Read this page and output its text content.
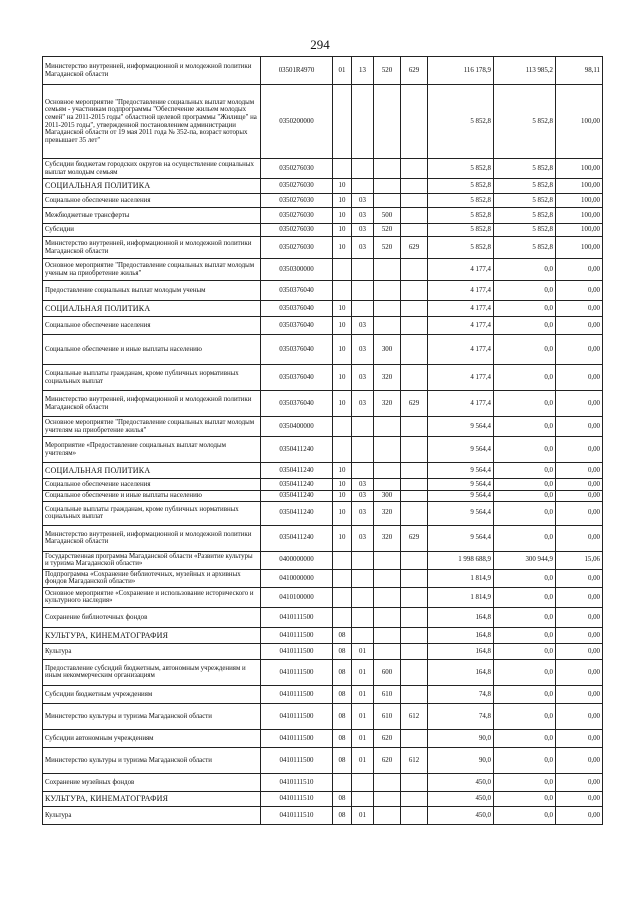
294
Министерство внутренней, информационной и молодежной политики Магаданской области	03501R4970	01	13	520	629	116 178,9	113 985,2	98,11
Основное мероприятие "Предоставление социальных выплат молодым семьям - участникам подпрограммы "Обеспечение жильем молодых семей" на 2011-2015 годы" областной целевой программы "Жилище" на 2011-2015 годы", утвержденной постановлением администрации Магаданской области от 19 мая 2011 года № 352-па, возраст которых превышает 35 лет"	0350200000					5 852,8	5 852,8	100,00
Субсидии бюджетам городских округов на осуществление социальных выплат молодым семьям	0350276030					5 852,8	5 852,8	100,00
СОЦИАЛЬНАЯ ПОЛИТИКА	0350276030	10				5 852,8	5 852,8	100,00
Социальное обеспечение населения	0350276030	10	03			5 852,8	5 852,8	100,00
Межбюджетные трансферты	0350276030	10	03	500		5 852,8	5 852,8	100,00
Субсидии	0350276030	10	03	520		5 852,8	5 852,8	100,00
Министерство внутренней, информационной и молодежной политики Магаданской области	0350276030	10	03	520	629	5 852,8	5 852,8	100,00
Основное мероприятие "Предоставление социальных выплат молодым ученым на приобретение жилья"	0350300000					4 177,4	0,0	0,00
Предоставление социальных выплат молодым ученым	0350376040					4 177,4	0,0	0,00
СОЦИАЛЬНАЯ ПОЛИТИКА	0350376040	10				4 177,4	0,0	0,00
Социальное обеспечение населения	0350376040	10	03			4 177,4	0,0	0,00
Социальное обеспечение и иные выплаты населению	0350376040	10	03	300		4 177,4	0,0	0,00
Социальные выплаты гражданам, кроме публичных нормативных социальных выплат	0350376040	10	03	320		4 177,4	0,0	0,00
Министерство внутренней, информационной и молодежной политики Магаданской области	0350376040	10	03	320	629	4 177,4	0,0	0,00
Основное мероприятие "Предоставление социальных выплат молодым учителям на приобретение жилья"	0350400000					9 564,4	0,0	0,00
Мероприятие «Предоставление социальных выплат молодым учителям»	0350411240					9 564,4	0,0	0,00
СОЦИАЛЬНАЯ ПОЛИТИКА	0350411240	10				9 564,4	0,0	0,00
Социальное обеспечение населения	0350411240	10	03			9 564,4	0,0	0,00
Социальное обеспечение и иные выплаты населению	0350411240	10	03	300		9 564,4	0,0	0,00
Социальные выплаты гражданам, кроме публичных нормативных социальных выплат	0350411240	10	03	320		9 564,4	0,0	0,00
Министерство внутренней, информационной и молодежной политики Магаданской области	0350411240	10	03	320	629	9 564,4	0,0	0,00
Государственная программа Магаданской области «Развитие культуры и туризма Магаданской области»	0400000000					1 998 688,9	300 944,9	15,06
Подпрограмма «Сохранение библиотечных, музейных и архивных фондов Магаданской области»	0410000000					1 814,9	0,0	0,00
Основное мероприятие «Сохранение и использование исторического и культурного наследия»	0410100000					1 814,9	0,0	0,00
Сохранение библиотечных фондов	0410111500					164,8	0,0	0,00
КУЛЬТУРА, КИНЕМАТОГРАФИЯ	0410111500	08				164,8	0,0	0,00
Культура	0410111500	08	01			164,8	0,0	0,00
Предоставление субсидий бюджетным, автономным учреждениям и иным некоммерческим организациям	0410111500	08	01	600		164,8	0,0	0,00
Субсидии бюджетным учреждениям	0410111500	08	01	610		74,8	0,0	0,00
Министерство культуры и туризма Магаданской области	0410111500	08	01	610	612	74,8	0,0	0,00
Субсидии автономным учреждениям	0410111500	08	01	620		90,0	0,0	0,00
Министерство культуры и туризма Магаданской области	0410111500	08	01	620	612	90,0	0,0	0,00
Сохранение музейных фондов	0410111510					450,0	0,0	0,00
КУЛЬТУРА, КИНЕМАТОГРАФИЯ	0410111510	08				450,0	0,0	0,00
Культура	0410111510	08	01			450,0	0,0	0,00
